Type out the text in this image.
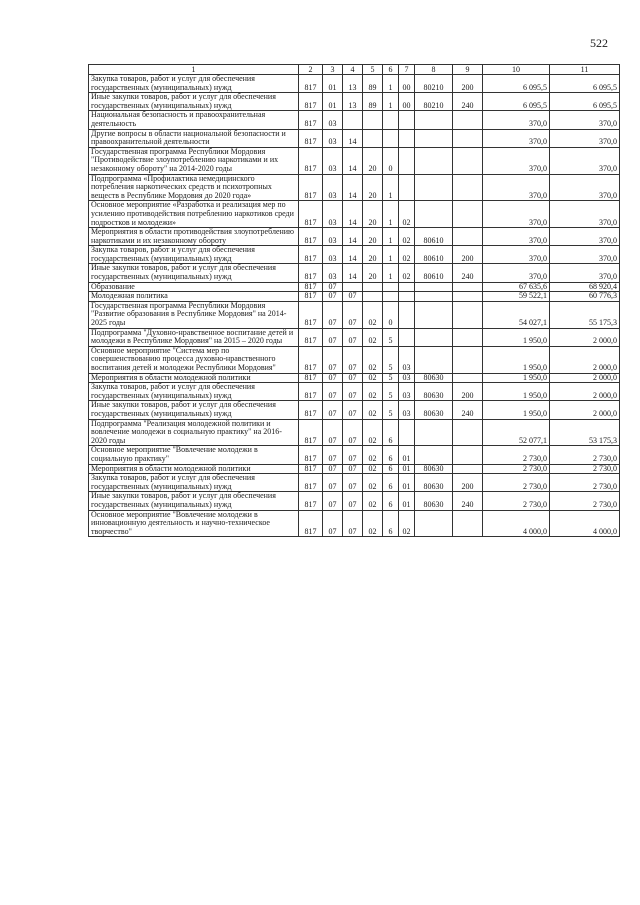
522
1	2	3	4	5	6	7	8	9	10	11
Закупка товаров, работ и услуг для обеспечения государственных (муниципальных) нужд	817	01	13	89	1	00	80210	200	6 095,5	6 095,5
Иные закупки товаров, работ и услуг для обеспечения государственных (муниципальных) нужд	817	01	13	89	1	00	80210	240	6 095,5	6 095,5
Национальная безопасность и правоохранительная деятельность	817	03							370,0	370,0
Другие вопросы в области национальной безопасности и правоохранительной деятельности	817	03	14						370,0	370,0
Государственная программа Республики Мордовия "Противодействие злоупотреблению наркотиками и их незаконному обороту" на 2014-2020 годы	817	03	14	20	0				370,0	370,0
Подпрограмма «Профилактика немедицинского потребления наркотических средств и психотропных веществ в Республике Мордовия до 2020 года»	817	03	14	20	1				370,0	370,0
Основное мероприятие «Разработка и реализация мер по усилению противодействия потреблению наркотиков среди подростков и молодежи»	817	03	14	20	1	02			370,0	370,0
Мероприятия в области противодействия злоупотреблению наркотиками и их незаконному обороту	817	03	14	20	1	02	80610		370,0	370,0
Закупка товаров, работ и услуг для обеспечения государственных (муниципальных) нужд	817	03	14	20	1	02	80610	200	370,0	370,0
Иные закупки товаров, работ и услуг для обеспечения государственных (муниципальных) нужд	817	03	14	20	1	02	80610	240	370,0	370,0
Образование	817	07							67 635,6	68 920,4
Молодежная политика	817	07	07						59 522,1	60 776,3
Государственная программа Республики Мордовия "Развитие образования в Республике Мордовия" на 2014-2025 годы	817	07	07	02	0				54 027,1	55 175,3
Подпрограмма "Духовно-нравственное воспитание детей и молодежи в Республике Мордовия" на 2015 – 2020 годы	817	07	07	02	5				1 950,0	2 000,0
Основное мероприятие "Система мер по совершенствованию процесса духовно-нравственного воспитания детей и молодежи Республики Мордовия"	817	07	07	02	5	03			1 950,0	2 000,0
Мероприятия в области молодежной политики	817	07	07	02	5	03	80630		1 950,0	2 000,0
Закупка товаров, работ и услуг для обеспечения государственных (муниципальных) нужд	817	07	07	02	5	03	80630	200	1 950,0	2 000,0
Иные закупки товаров, работ и услуг для обеспечения государственных (муниципальных) нужд	817	07	07	02	5	03	80630	240	1 950,0	2 000,0
Подпрограмма "Реализация молодежной политики и вовлечение молодежи в социальную практику" на 2016-2020 годы	817	07	07	02	6				52 077,1	53 175,3
Основное мероприятие "Вовлечение молодежи в социальную практику"	817	07	07	02	6	01			2 730,0	2 730,0
Мероприятия в области молодежной политики	817	07	07	02	6	01	80630		2 730,0	2 730,0
Закупка товаров, работ и услуг для обеспечения государственных (муниципальных) нужд	817	07	07	02	6	01	80630	200	2 730,0	2 730,0
Иные закупки товаров, работ и услуг для обеспечения государственных (муниципальных) нужд	817	07	07	02	6	01	80630	240	2 730,0	2 730,0
Основное мероприятие "Вовлечение молодежи в инновационную деятельность и научно-техническое творчество"	817	07	07	02	6	02			4 000,0	4 000,0
